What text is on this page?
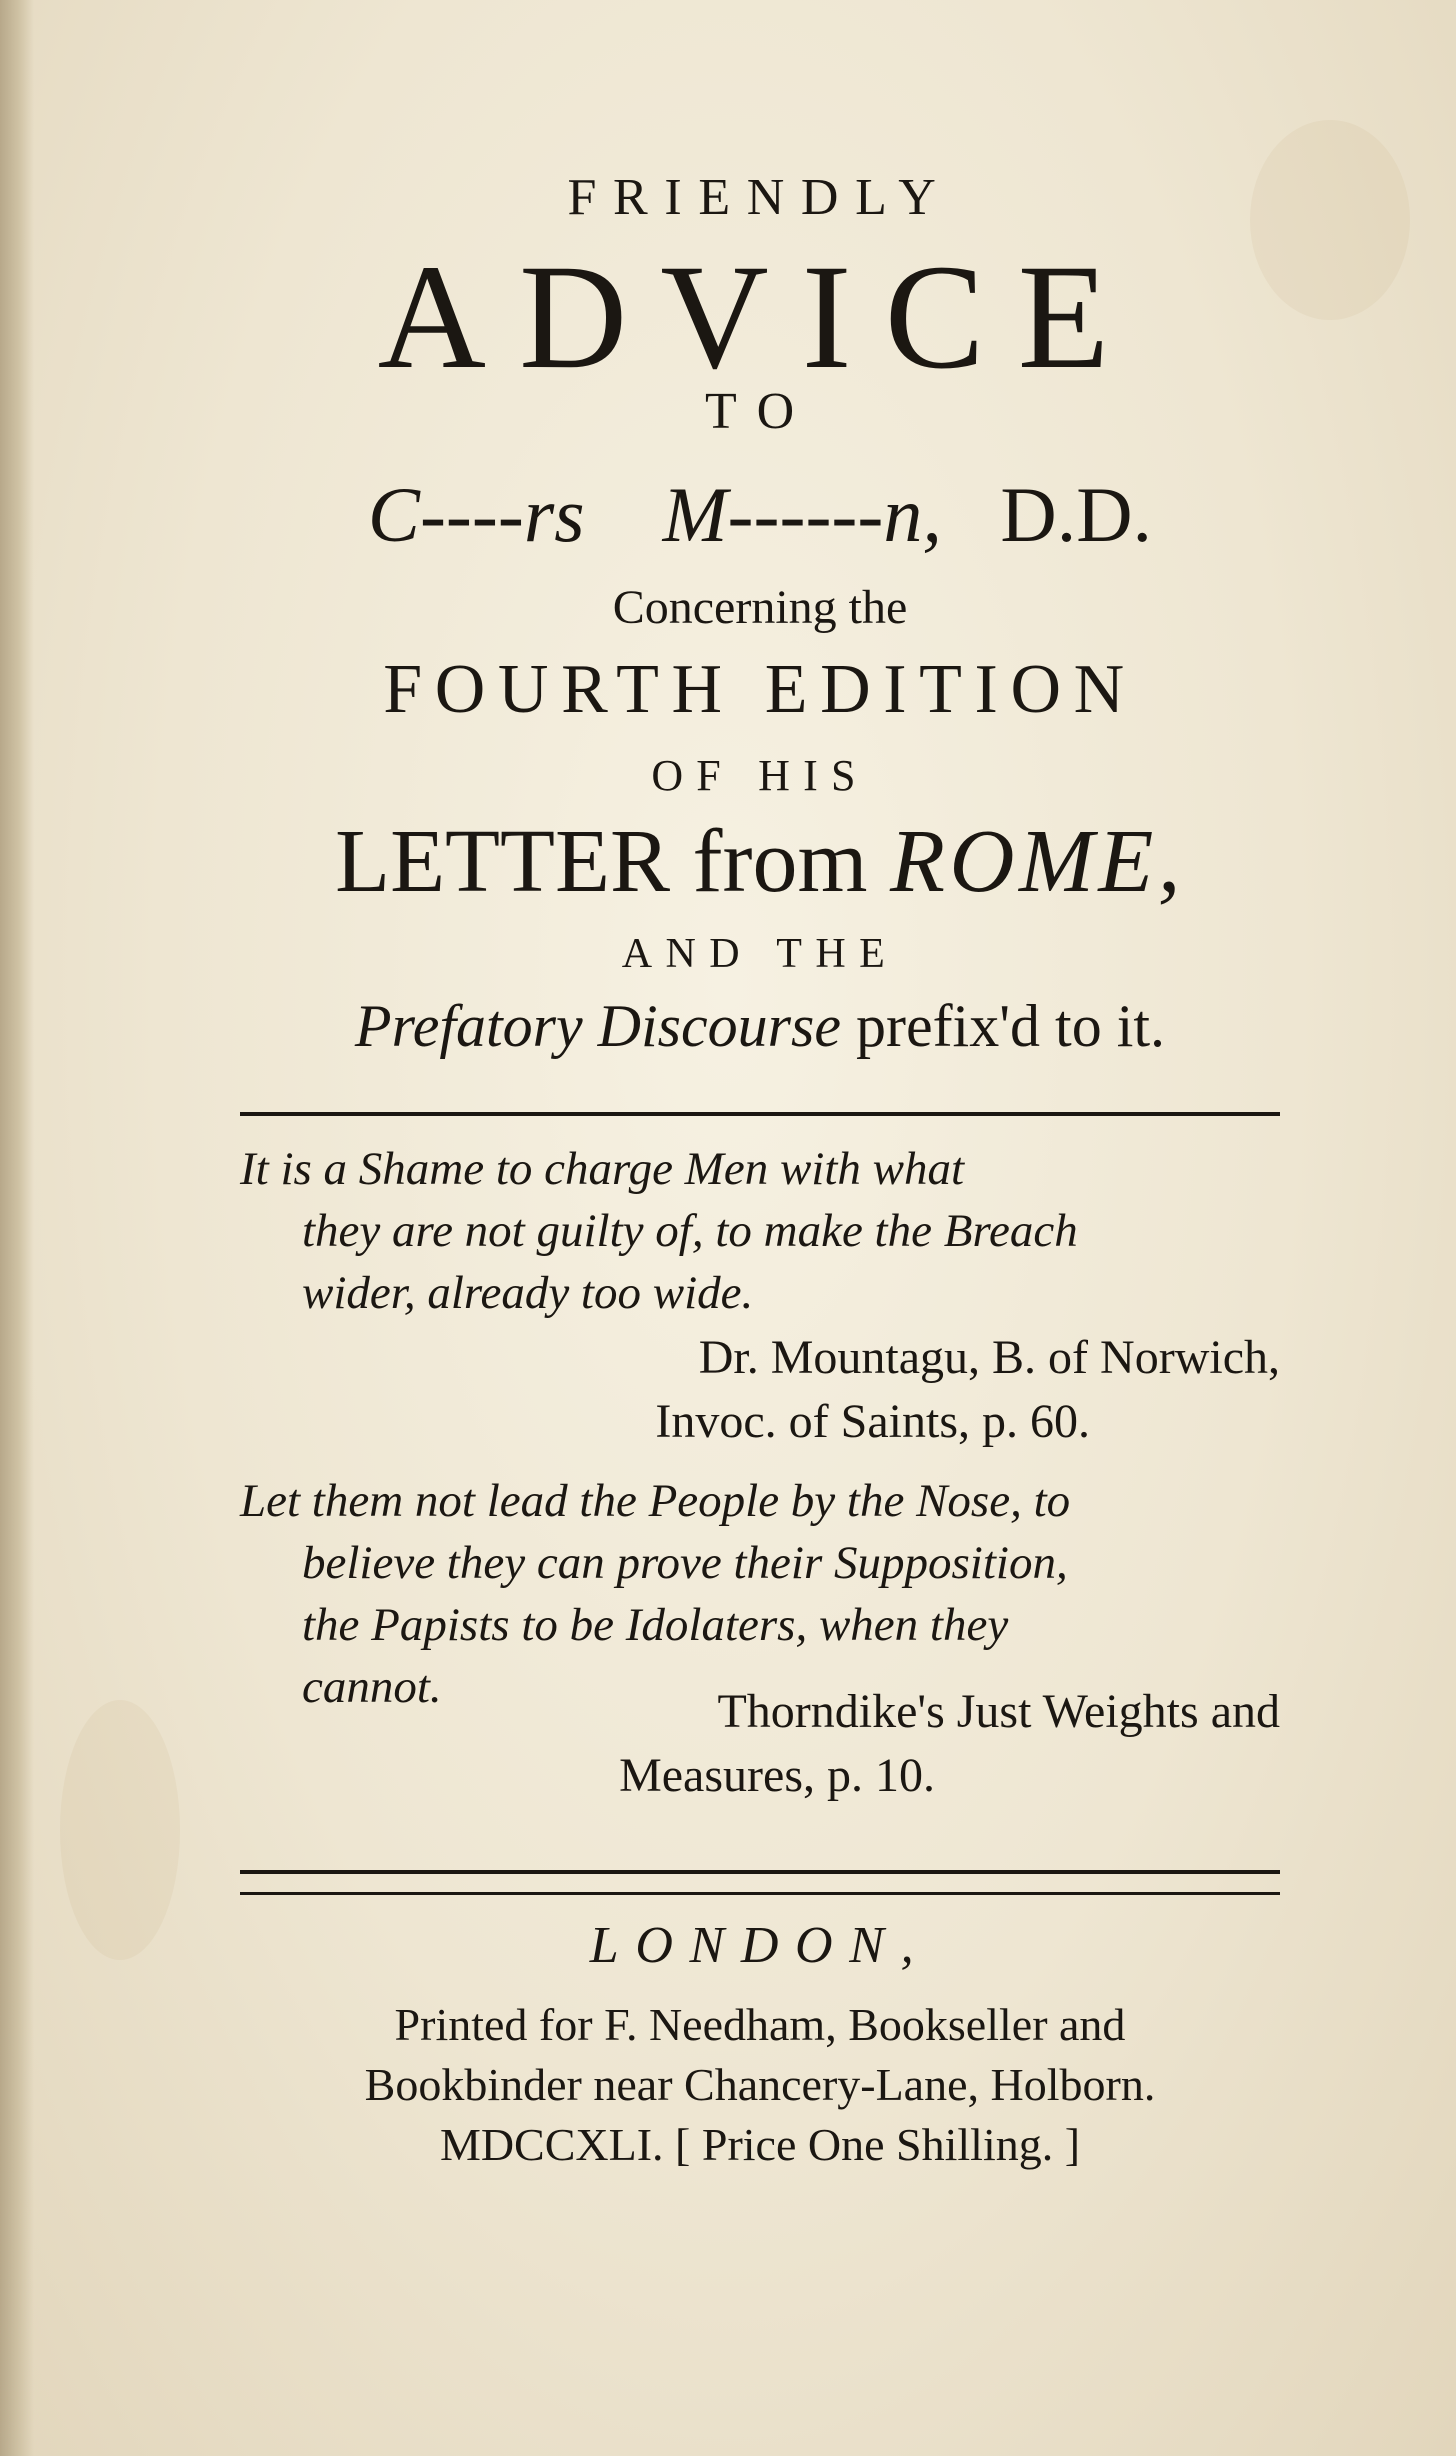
FRIENDLY
ADVICE
TO
C----rs M------n, D.D.
Concerning the
FOURTH EDITION
OF HIS
LETTER from ROME,
AND THE
Prefatory Discourse prefix'd to it.
It is a Shame to charge Men with what
they are not guilty of, to make the Breach
wider, already too wide.
Dr. Mountagu, B. of Norwich,
Invoc. of Saints, p. 60.
Let them not lead the People by the Nose, to
believe they can prove their Supposition,
the Papists to be Idolaters, when they
cannot.	Thorndike's Just Weights and
Measures, p. 10.
LONDON,
Printed for F. Needham, Bookseller and
Bookbinder near Chancery-Lane, Holborn.
MDCCXLI. [ Price One Shilling. ]
